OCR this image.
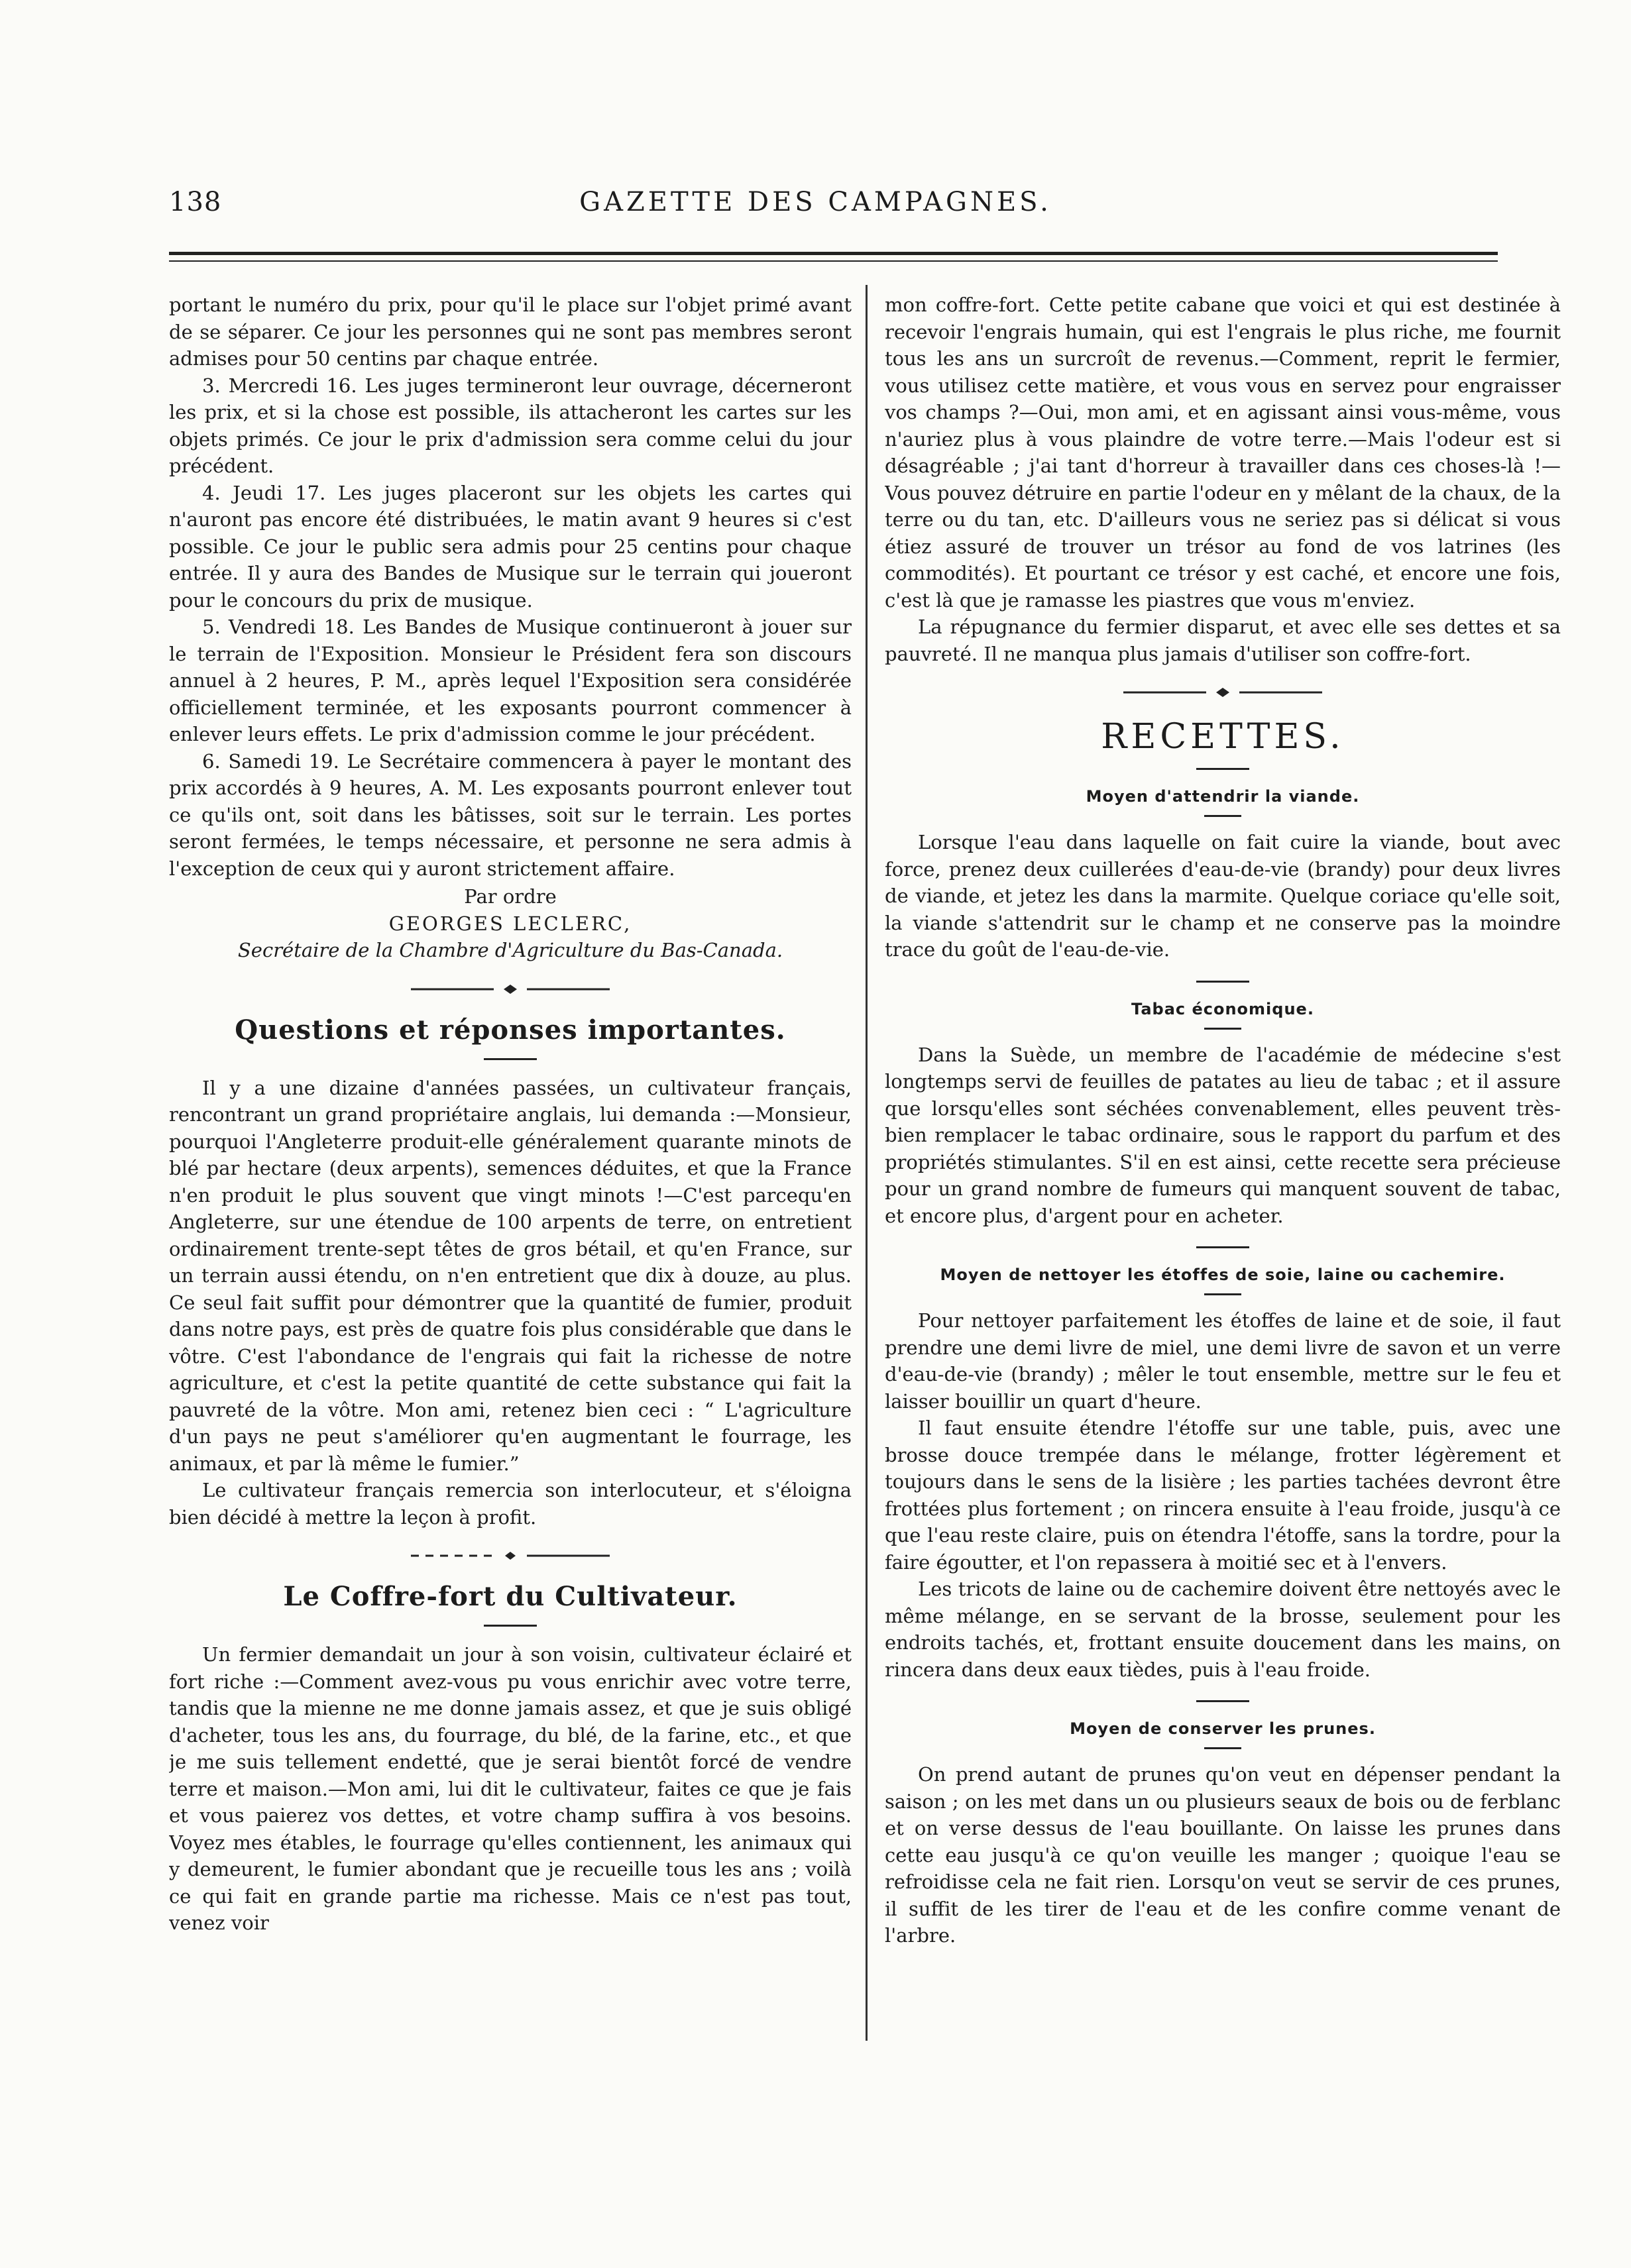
138	GAZETTE DES CAMPAGNES.

portant le numéro du prix, pour qu'il le place sur l'objet primé avant de se séparer. Ce jour les personnes qui ne sont pas membres seront admises pour 50 centins par chaque entrée.

3. Mercredi 16. Les juges termineront leur ouvrage, décerneront les prix, et si la chose est possible, ils attacheront les cartes sur les objets primés. Ce jour le prix d'admission sera comme celui du jour précédent.

4. Jeudi 17. Les juges placeront sur les objets les cartes qui n'auront pas encore été distribuées, le matin avant 9 heures si c'est possible. Ce jour le public sera admis pour 25 centins pour chaque entrée. Il y aura des Bandes de Musique sur le terrain qui joueront pour le concours du prix de musique.

5. Vendredi 18. Les Bandes de Musique continueront à jouer sur le terrain de l'Exposition. Monsieur le Président fera son discours annuel à 2 heures, P. M., après lequel l'Exposition sera considérée officiellement terminée, et les exposants pourront commencer à enlever leurs effets. Le prix d'admission comme le jour précédent.

6. Samedi 19. Le Secrétaire commencera à payer le montant des prix accordés à 9 heures, A. M. Les exposants pourront enlever tout ce qu'ils ont, soit dans les bâtisses, soit sur le terrain. Les portes seront fermées, le temps nécessaire, et personne ne sera admis à l'exception de ceux qui y auront strictement affaire.

Par ordre
GEORGES LECLERC,
Secrétaire de la Chambre d'Agriculture du Bas-Canada.
Questions et réponses importantes.

Il y a une dizaine d'années passées, un cultivateur français, rencontrant un grand propriétaire anglais, lui demanda :—Monsieur, pourquoi l'Angleterre produit-elle généralement quarante minots de blé par hectare (deux arpents), semences déduites, et que la France n'en produit le plus souvent que vingt minots !—C'est parcequ'en Angleterre, sur une étendue de 100 arpents de terre, on entretient ordinairement trente-sept têtes de gros bétail, et qu'en France, sur un terrain aussi étendu, on n'en entretient que dix à douze, au plus. Ce seul fait suffit pour démontrer que la quantité de fumier, produit dans notre pays, est près de quatre fois plus considérable que dans le vôtre. C'est l'abondance de l'engrais qui fait la richesse de notre agriculture, et c'est la petite quantité de cette substance qui fait la pauvreté de la vôtre. Mon ami, retenez bien ceci : “ L'agriculture d'un pays ne peut s'améliorer qu'en augmentant le fourrage, les animaux, et par là même le fumier.”

Le cultivateur français remercia son interlocuteur, et s'éloigna bien décidé à mettre la leçon à profit.

Le Coffre-fort du Cultivateur.

Un fermier demandait un jour à son voisin, cultivateur éclairé et fort riche :—Comment avez-vous pu vous enrichir avec votre terre, tandis que la mienne ne me donne jamais assez, et que je suis obligé d'acheter, tous les ans, du fourrage, du blé, de la farine, etc., et que je me suis tellement endetté, que je serai bientôt forcé de vendre terre et maison.—Mon ami, lui dit le cultivateur, faites ce que je fais et vous paierez vos dettes, et votre champ suffira à vos besoins. Voyez mes étables, le fourrage qu'elles contiennent, les animaux qui y demeurent, le fumier abondant que je recueille tous les ans ; voilà ce qui fait en grande partie ma richesse. Mais ce n'est pas tout, venez voir

mon coffre-fort. Cette petite cabane que voici et qui est destinée à recevoir l'engrais humain, qui est l'engrais le plus riche, me fournit tous les ans un surcroît de revenus.—Comment, reprit le fermier, vous utilisez cette matière, et vous vous en servez pour engraisser vos champs ?—Oui, mon ami, et en agissant ainsi vous-même, vous n'auriez plus à vous plaindre de votre terre.—Mais l'odeur est si désagréable ; j'ai tant d'horreur à travailler dans ces choses-là !—Vous pouvez détruire en partie l'odeur en y mêlant de la chaux, de la terre ou du tan, etc. D'ailleurs vous ne seriez pas si délicat si vous étiez assuré de trouver un trésor au fond de vos latrines (les commodités). Et pourtant ce trésor y est caché, et encore une fois, c'est là que je ramasse les piastres que vous m'enviez.

La répugnance du fermier disparut, et avec elle ses dettes et sa pauvreté. Il ne manqua plus jamais d'utiliser son coffre-fort.

RECETTES.
Moyen d'attendrir la viande.

Lorsque l'eau dans laquelle on fait cuire la viande, bout avec force, prenez deux cuillerées d'eau-de-vie (brandy) pour deux livres de viande, et jetez les dans la marmite. Quelque coriace qu'elle soit, la viande s'attendrit sur le champ et ne conserve pas la moindre trace du goût de l'eau-de-vie.

Tabac économique.

Dans la Suède, un membre de l'académie de médecine s'est longtemps servi de feuilles de patates au lieu de tabac ; et il assure que lorsqu'elles sont séchées convenablement, elles peuvent très-bien remplacer le tabac ordinaire, sous le rapport du parfum et des propriétés stimulantes. S'il en est ainsi, cette recette sera précieuse pour un grand nombre de fumeurs qui manquent souvent de tabac, et encore plus, d'argent pour en acheter.

Moyen de nettoyer les étoffes de soie, laine ou cachemire.

Pour nettoyer parfaitement les étoffes de laine et de soie, il faut prendre une demi livre de miel, une demi livre de savon et un verre d'eau-de-vie (brandy) ; mêler le tout ensemble, mettre sur le feu et laisser bouillir un quart d'heure.

Il faut ensuite étendre l'étoffe sur une table, puis, avec une brosse douce trempée dans le mélange, frotter légèrement et toujours dans le sens de la lisière ; les parties tachées devront être frottées plus fortement ; on rincera ensuite à l'eau froide, jusqu'à ce que l'eau reste claire, puis on étendra l'étoffe, sans la tordre, pour la faire égoutter, et l'on repassera à moitié sec et à l'envers.

Les tricots de laine ou de cachemire doivent être nettoyés avec le même mélange, en se servant de la brosse, seulement pour les endroits tachés, et, frottant ensuite doucement dans les mains, on rincera dans deux eaux tièdes, puis à l'eau froide.

Moyen de conserver les prunes.

On prend autant de prunes qu'on veut en dépenser pendant la saison ; on les met dans un ou plusieurs seaux de bois ou de ferblanc et on verse dessus de l'eau bouillante. On laisse les prunes dans cette eau jusqu'à ce qu'on veuille les manger ; quoique l'eau se refroidisse cela ne fait rien. Lorsqu'on veut se servir de ces prunes, il suffit de les tirer de l'eau et de les confire comme venant de l'arbre.
